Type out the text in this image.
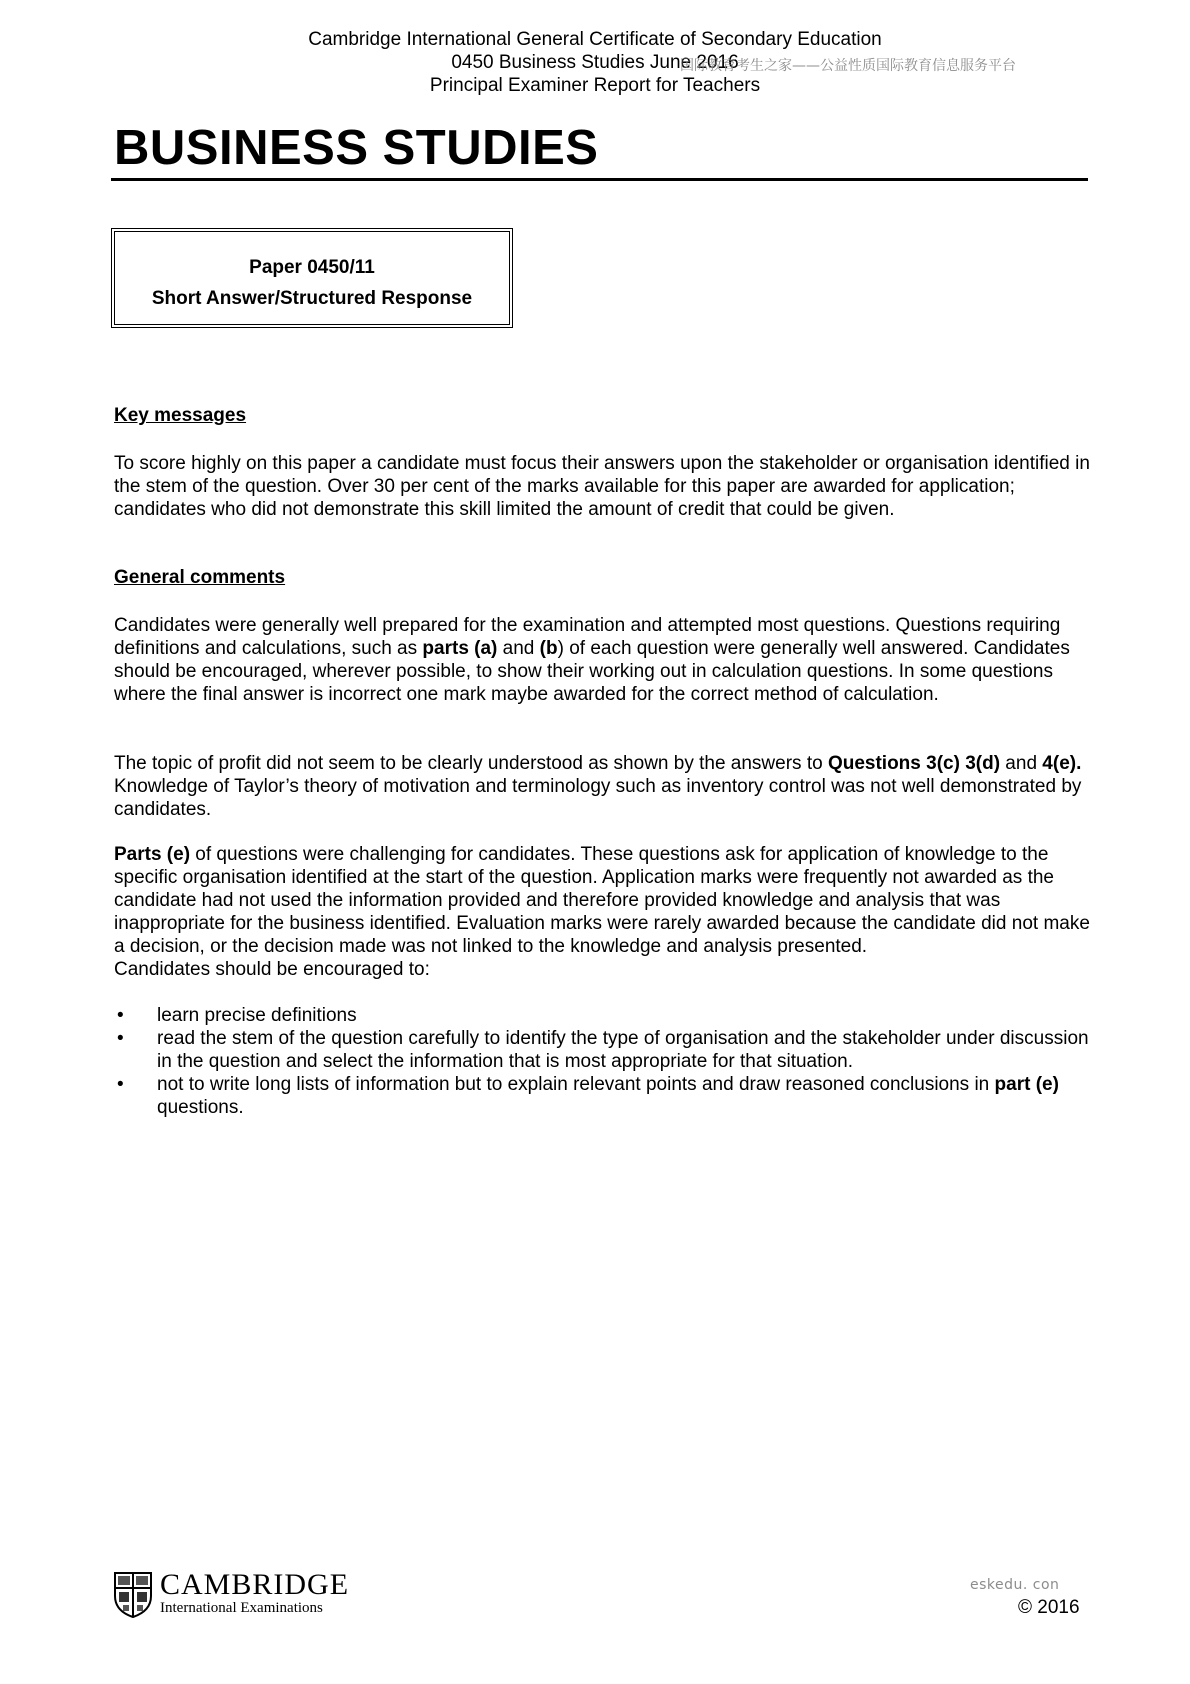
Cambridge International General Certificate of Secondary Education
0450 Business Studies June 2016
Principal Examiner Report for Teachers
国际教育考生之家——公益性质国际教育信息服务平台
BUSINESS STUDIES
Paper 0450/11
Short Answer/Structured Response
Key messages
To score highly on this paper a candidate must focus their answers upon the stakeholder or organisation identified in the stem of the question. Over 30 per cent of the marks available for this paper are awarded for application; candidates who did not demonstrate this skill limited the amount of credit that could be given.
General comments
Candidates were generally well prepared for the examination and attempted most questions. Questions requiring definitions and calculations, such as parts (a) and (b) of each question were generally well answered. Candidates should be encouraged, wherever possible, to show their working out in calculation questions. In some questions where the final answer is incorrect one mark maybe awarded for the correct method of calculation.
The topic of profit did not seem to be clearly understood as shown by the answers to Questions 3(c) 3(d) and 4(e). Knowledge of Taylor’s theory of motivation and terminology such as inventory control was not well demonstrated by candidates.
Parts (e) of questions were challenging for candidates. These questions ask for application of knowledge to the specific organisation identified at the start of the question. Application marks were frequently not awarded as the candidate had not used the information provided and therefore provided knowledge and analysis that was inappropriate for the business identified. Evaluation marks were rarely awarded because the candidate did not make a decision, or the decision made was not linked to the knowledge and analysis presented.
Candidates should be encouraged to:
• learn precise definitions
• read the stem of the question carefully to identify the type of organisation and the stakeholder under discussion in the question and select the information that is most appropriate for that situation.
• not to write long lists of information but to explain relevant points and draw reasoned conclusions in part (e) questions.
CAMBRIDGE
International Examinations
eskedu. con
© 2016
